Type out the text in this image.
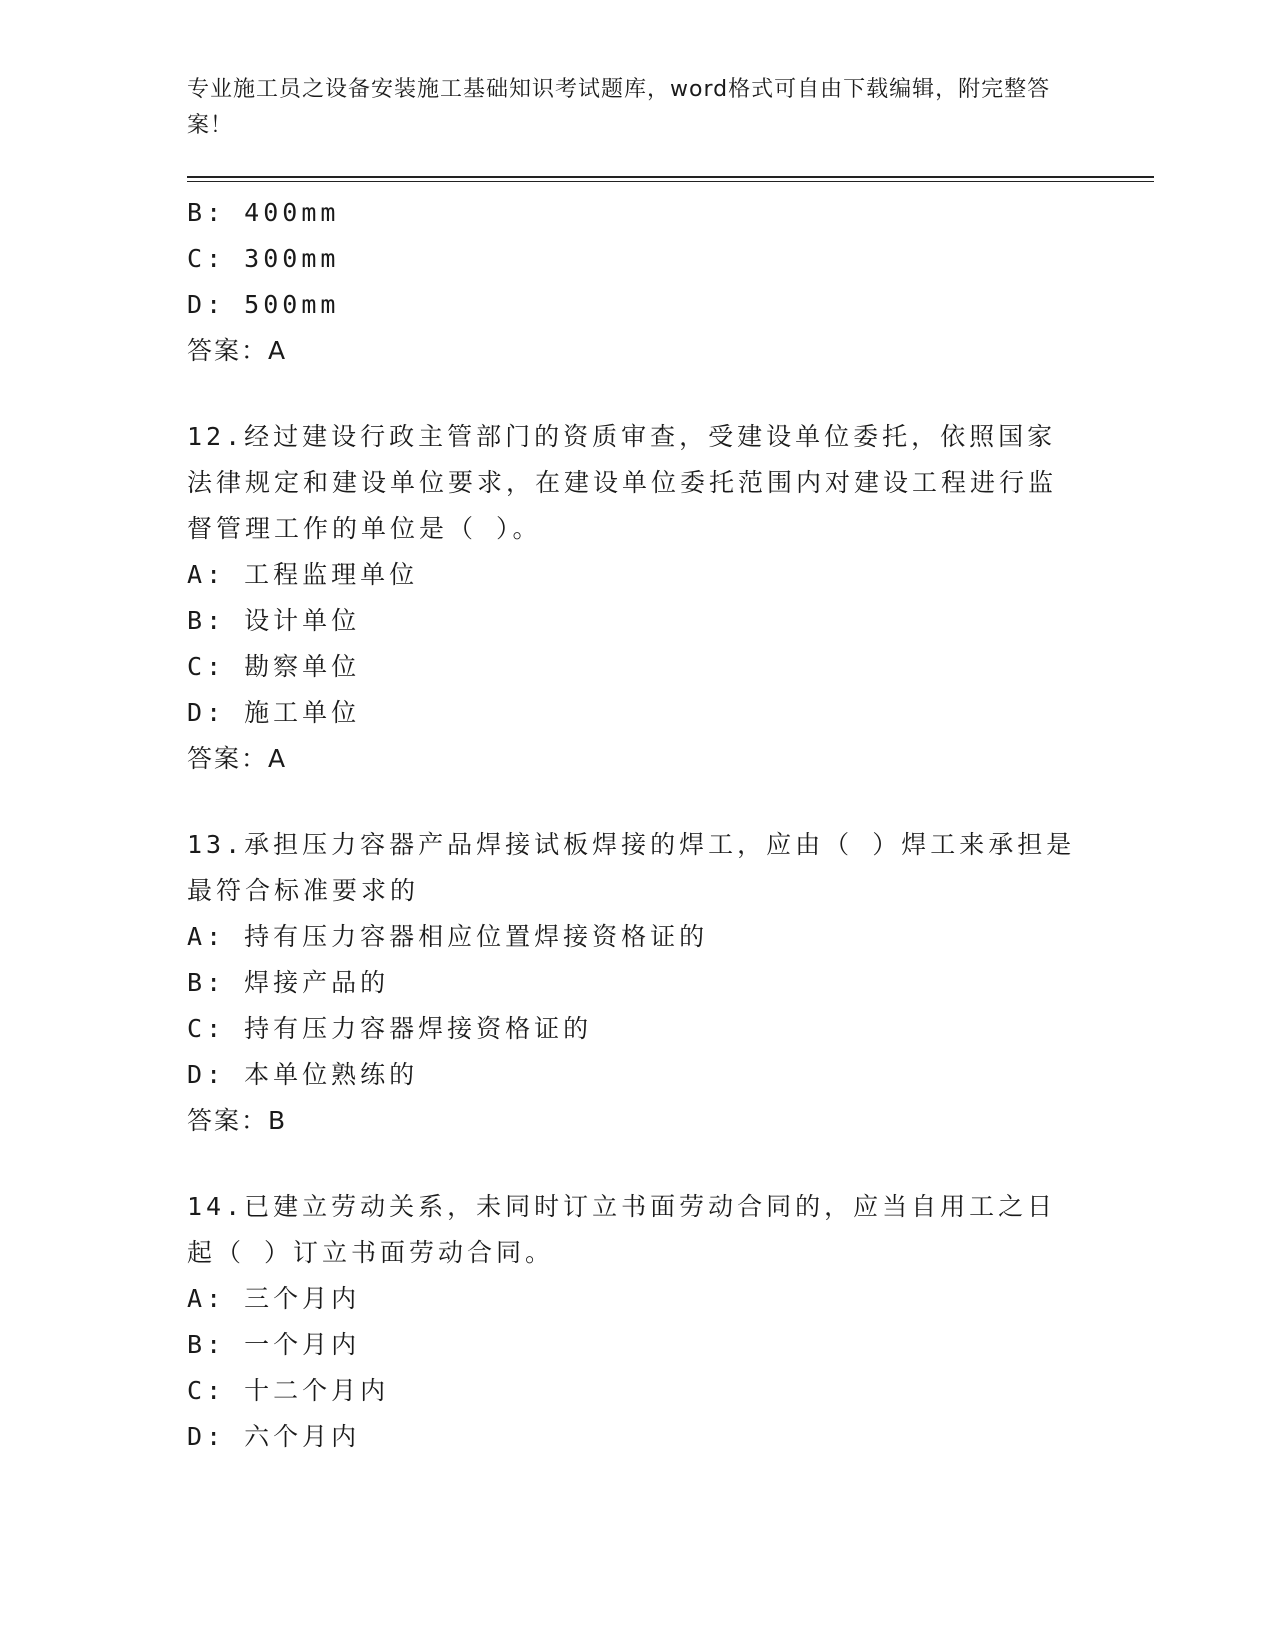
专业施工员之设备安装施工基础知识考试题库，word格式可自由下载编辑，附完整答案！
B: 400mm
C: 300mm
D: 500mm
答案：A
12.经过建设行政主管部门的资质审查，受建设单位委托，依照国家法律规定和建设单位要求，在建设单位委托范围内对建设工程进行监督管理工作的单位是（ ）。
A: 工程监理单位
B: 设计单位
C: 勘察单位
D: 施工单位
答案：A
13.承担压力容器产品焊接试板焊接的焊工，应由（ ）焊工来承担是最符合标准要求的
A: 持有压力容器相应位置焊接资格证的
B: 焊接产品的
C: 持有压力容器焊接资格证的
D: 本单位熟练的
答案：B
14.已建立劳动关系，未同时订立书面劳动合同的，应当自用工之日起（ ）订立书面劳动合同。
A: 三个月内
B: 一个月内
C: 十二个月内
D: 六个月内
